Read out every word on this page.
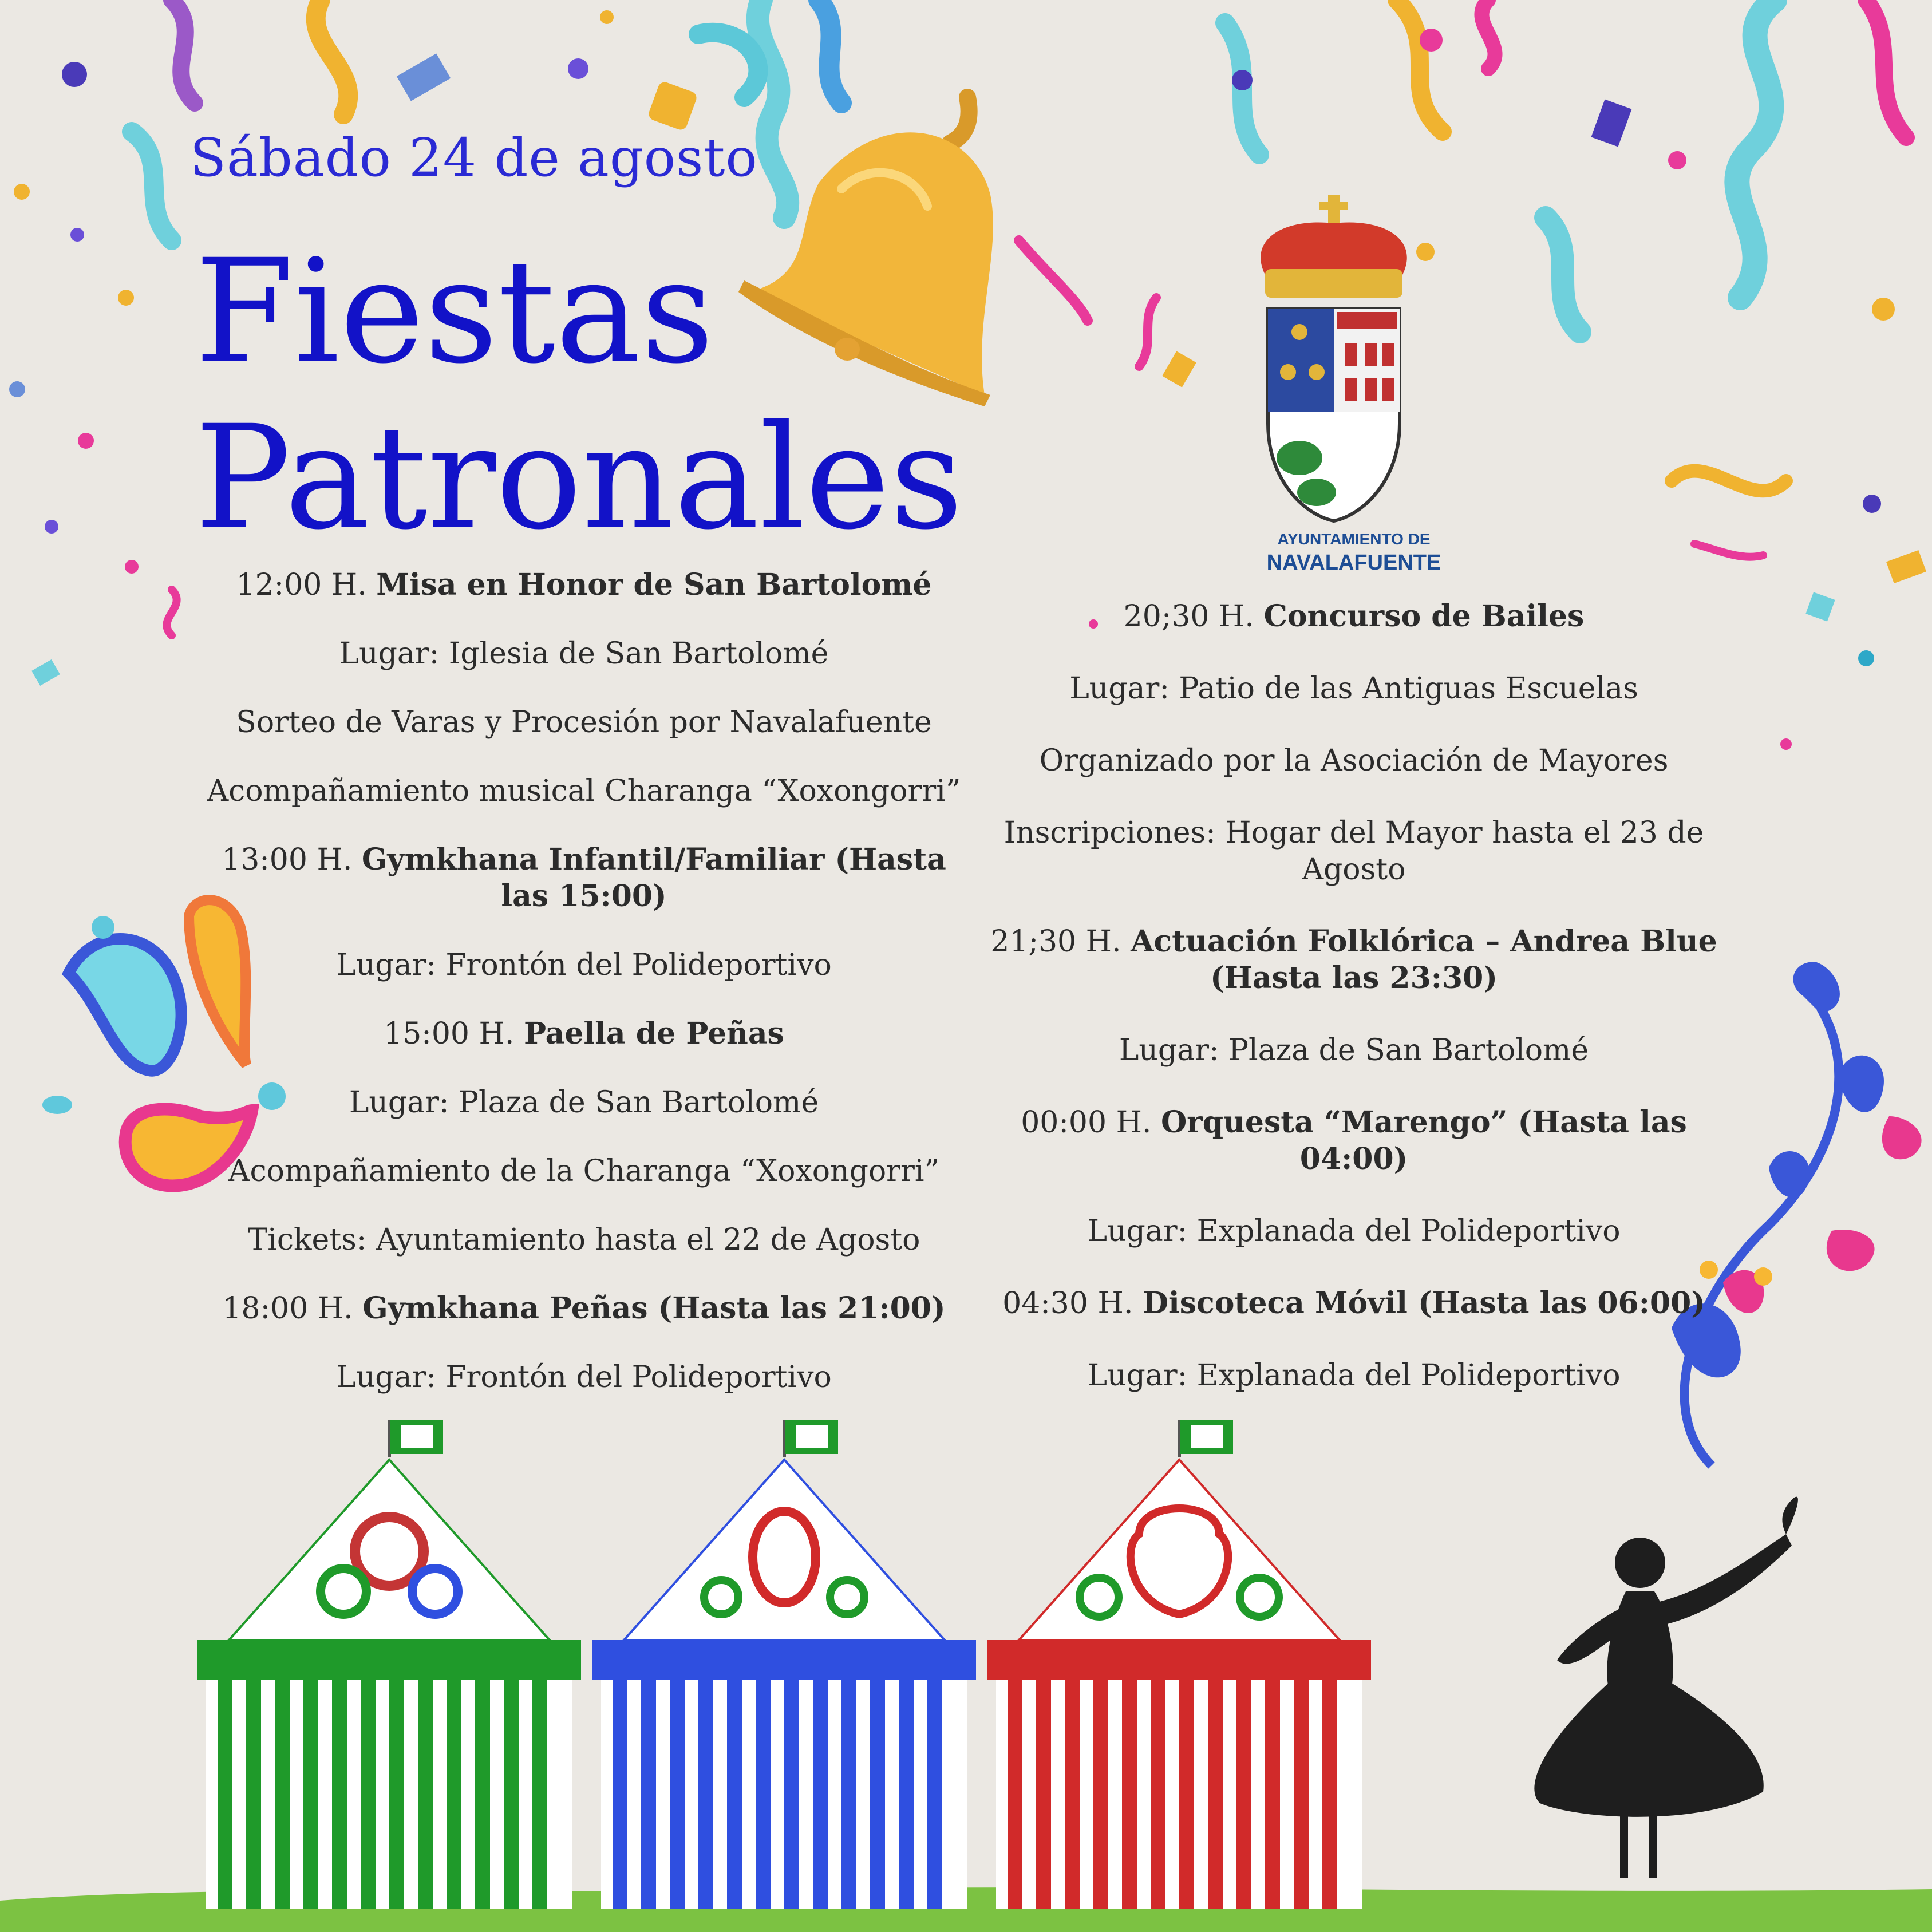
Sábado 24 de agosto
Fiestas
Patronales	AYUNTAMIENTO DE
NAVALAFUENTE

12:00 H. Misa en Honor de San Bartolomé

Lugar: Iglesia de San Bartolomé

Sorteo de Varas y Procesión por Navalafuente

Acompañamiento musical Charanga “Xoxongorri”

13:00 H. Gymkhana Infantil/Familiar (Hasta las 15:00)

Lugar: Frontón del Polideportivo

15:00 H. Paella de Peñas

Lugar: Plaza de San Bartolomé

Acompañamiento de la Charanga “Xoxongorri”

Tickets: Ayuntamiento hasta el 22 de Agosto

18:00 H. Gymkhana Peñas (Hasta las 21:00)

Lugar: Frontón del Polideportivo

20;30 H. Concurso de Bailes

Lugar: Patio de las Antiguas Escuelas

Organizado por la Asociación de Mayores

Inscripciones: Hogar del Mayor hasta el 23 de Agosto

21;30 H. Actuación Folklórica – Andrea Blue (Hasta las 23:30)

Lugar: Plaza de San Bartolomé

00:00 H. Orquesta “Marengo” (Hasta las 04:00)

Lugar: Explanada del Polideportivo

04:30 H. Discoteca Móvil (Hasta las 06:00)

Lugar: Explanada del Polideportivo
